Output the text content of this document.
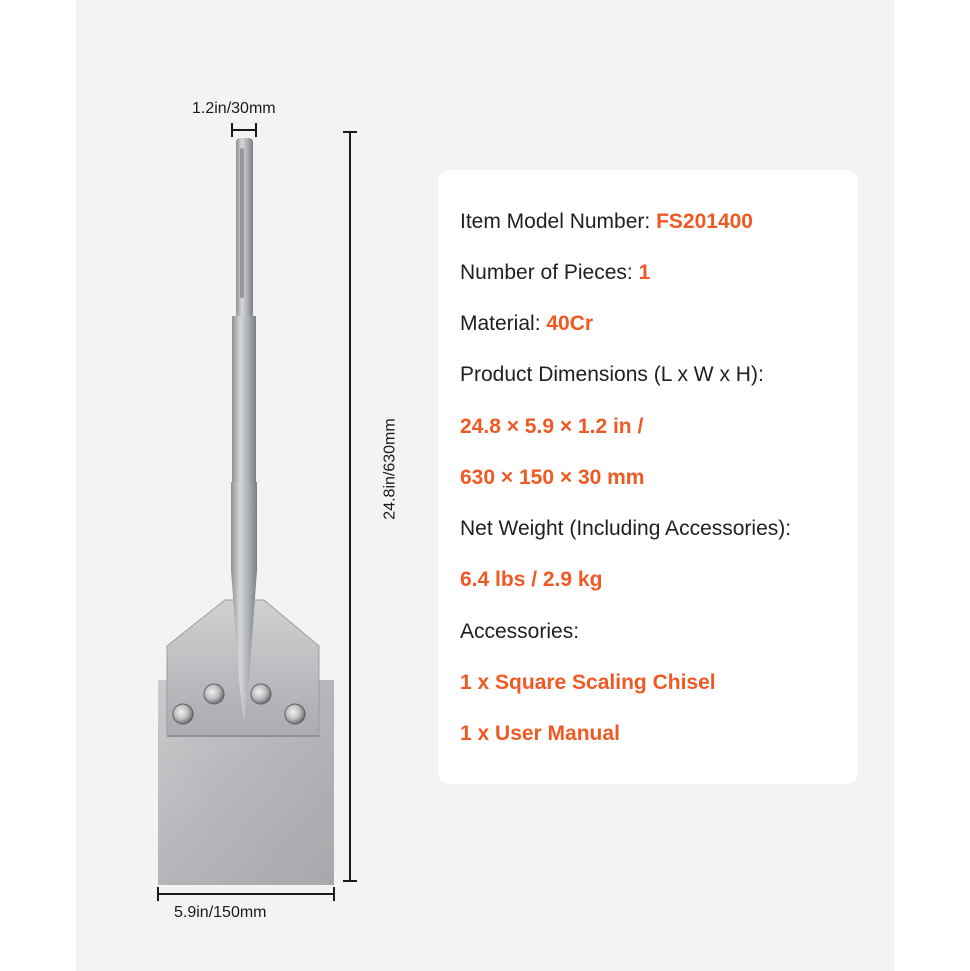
1.2in/30mm
24.8in/630mm
5.9in/150mm
Item Model Number: FS201400
Number of Pieces: 1
Material: 40Cr
Product Dimensions (L x W x H):
24.8 × 5.9 × 1.2 in /
630 × 150 × 30 mm
Net Weight (Including Accessories):
6.4 lbs / 2.9 kg
Accessories:
1 x Square Scaling Chisel
1 x User Manual
